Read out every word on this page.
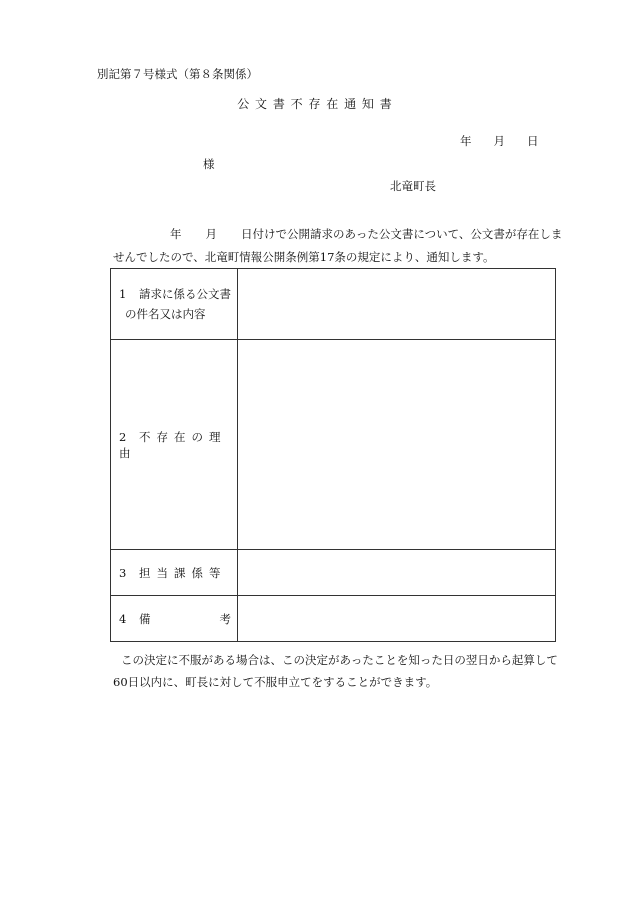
別記第７号様式（第８条関係）
公 文 書 不 存 在 通 知 書
年 月 日
様
北竜町長
年 月 日付けで公開請求のあった公文書について、公文書が存在しま
せんでしたので、北竜町情報公開条例第17条の規定により、通知します。
1 請求に係る公文書
の件名又は内容	

2 不存在の理由	
3 担当課係等	

4 備 考	

この決定に不服がある場合は、この決定があったことを知った日の翌日から起算して
60日以内に、町長に対して不服申立てをすることができます。
